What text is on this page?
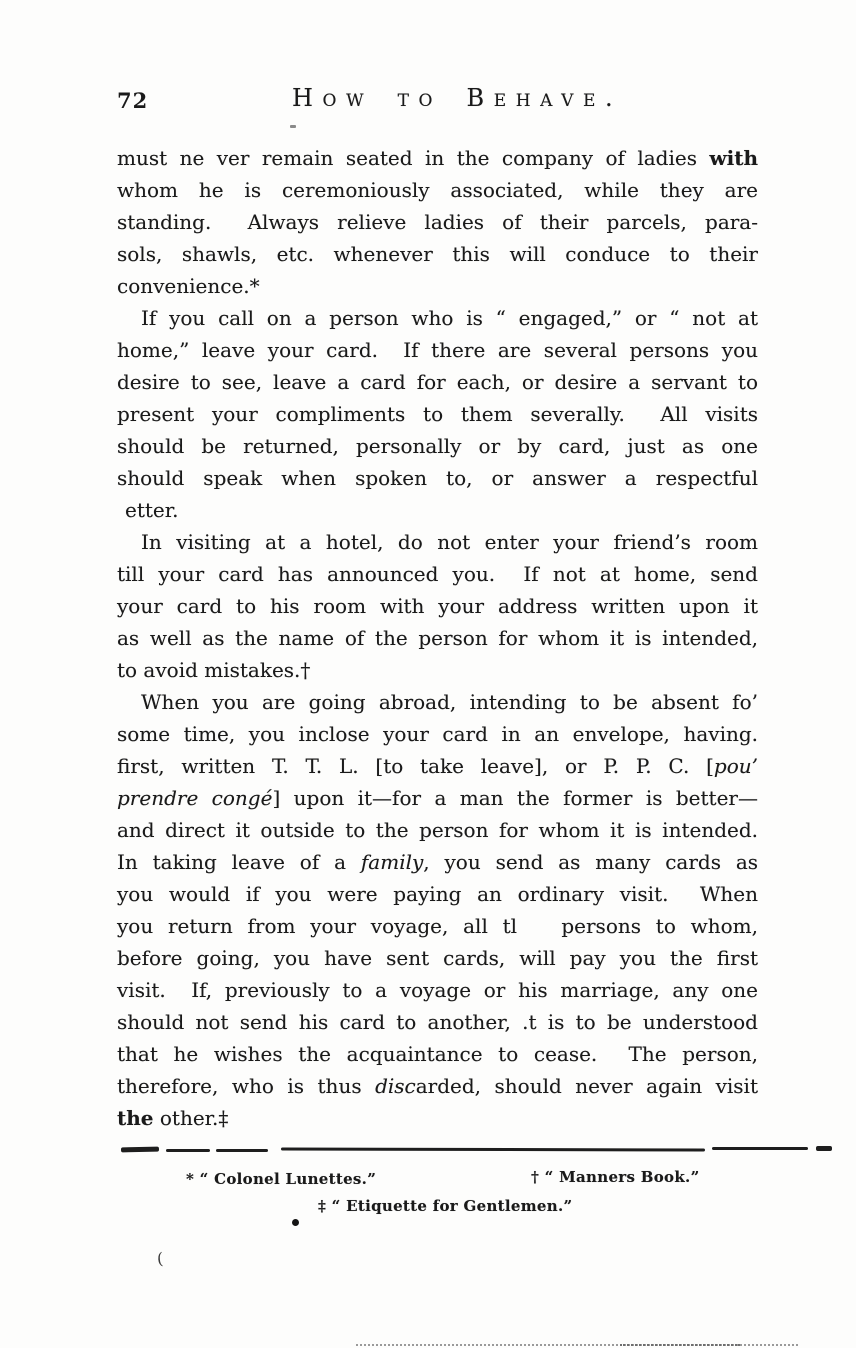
72	How to Behave.
must ne ver remain seated in the company of ladies with
whom he is ceremoniously associated, while they are
standing.  Always relieve ladies of their parcels, para-
sols, shawls, etc. whenever this will conduce to their
convenience.*
If you call on a person who is “ engaged,” or “ not at
home,” leave your card.  If there are several persons you
desire to see, leave a card for each, or desire a servant to
present your compliments to them severally.  All visits
should be returned, personally or by card, just as one
should speak when spoken to, or answer a respectful
etter.
In visiting at a hotel, do not enter your friend’s room
till your card has announced you.  If not at home, send
your card to his room with your address written upon it
as well as the name of the person for whom it is intended,
to avoid mistakes.†
When you are going abroad, intending to be absent fo’
some time, you inclose your card in an envelope, having.
first, written T. T. L. [to take leave], or P. P. C. [pou’
prendre congé] upon it—for a man the former is better—
and direct it outside to the person for whom it is intended.
In taking leave of a family, you send as many cards as
you would if you were paying an ordinary visit.  When
you return from your voyage, all tl   persons to whom,
before going, you have sent cards, will pay you the first
visit.  If, previously to a voyage or his marriage, any one
should not send his card to another, .t is to be understood
that he wishes the acquaintance to cease.  The person,
therefore, who is thus discarded, should never again visit
the other.‡
* “ Colonel Lunettes.”	† “ Manners Book.”
‡ “ Etiquette for Gentlemen.”
(
